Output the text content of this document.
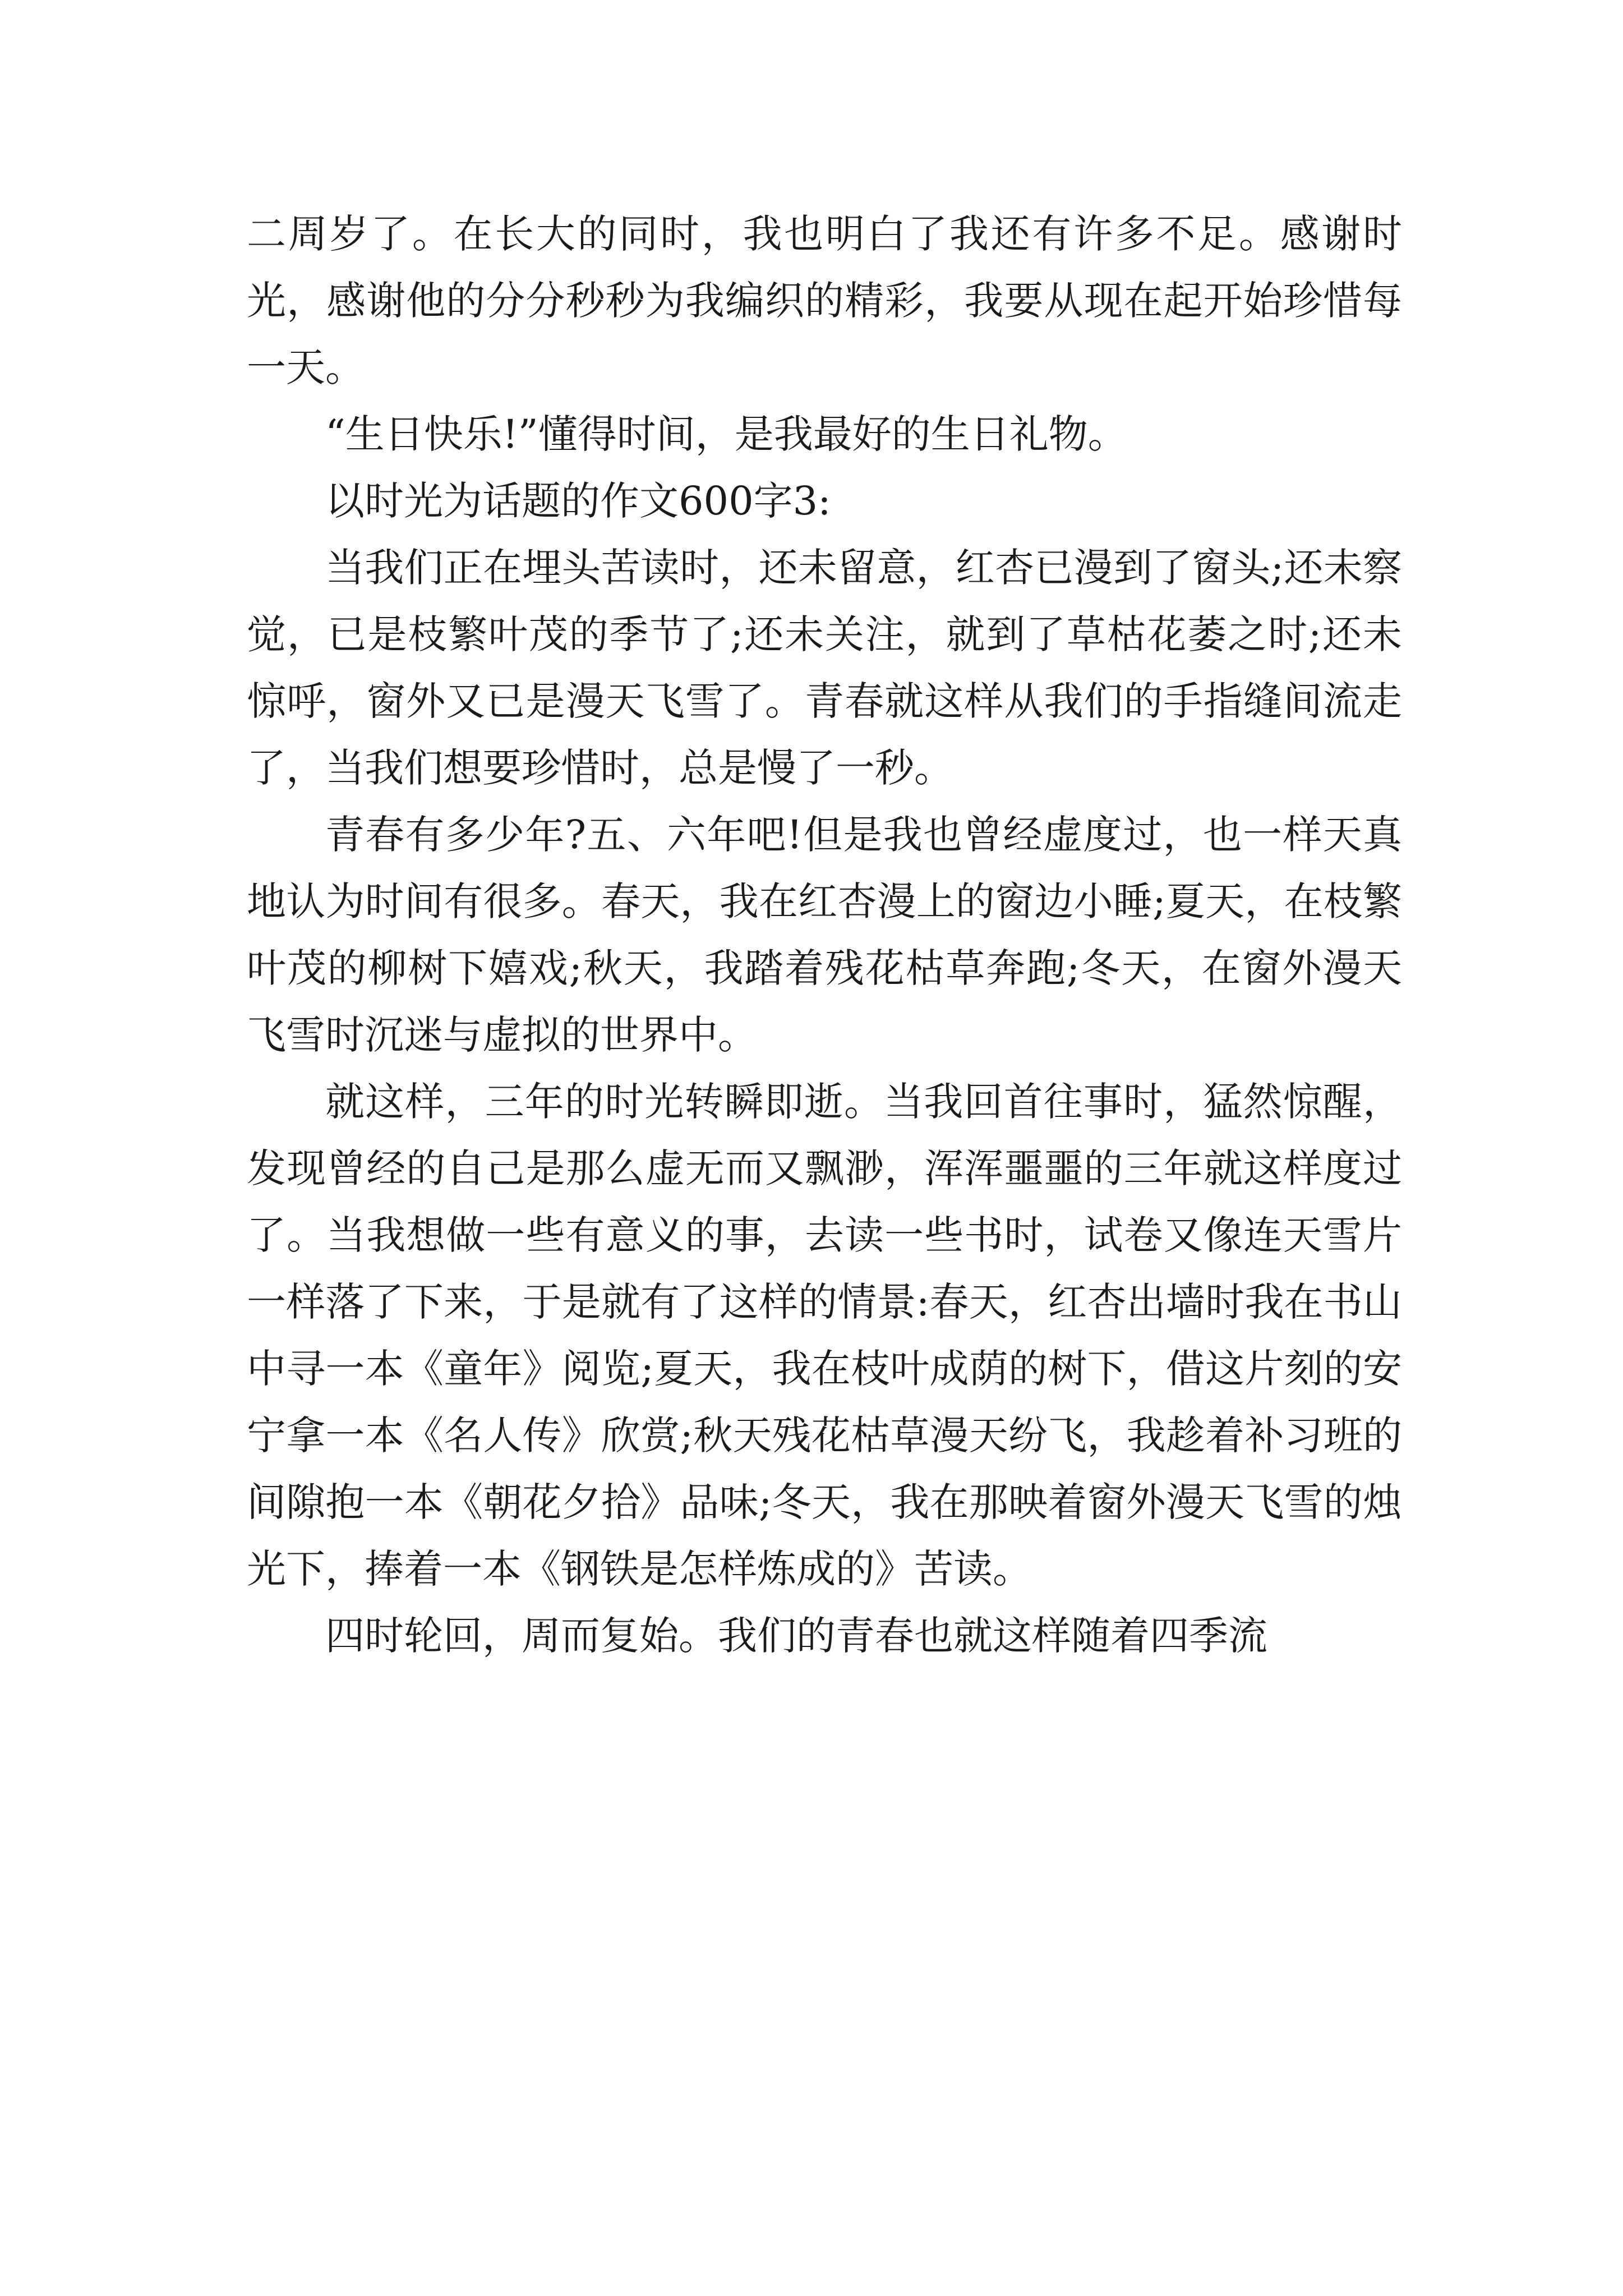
二周岁了。在长大的同时，我也明白了我还有许多不足。感谢时光，感谢他的分分秒秒为我编织的精彩，我要从现在起开始珍惜每一天。

“生日快乐!”懂得时间，是我最好的生日礼物。

以时光为话题的作文600字3:

当我们正在埋头苦读时，还未留意，红杏已漫到了窗头;还未察觉，已是枝繁叶茂的季节了;还未关注，就到了草枯花萎之时;还未惊呼，窗外又已是漫天飞雪了。青春就这样从我们的手指缝间流走了，当我们想要珍惜时，总是慢了一秒。

青春有多少年?五、六年吧!但是我也曾经虚度过，也一样天真地认为时间有很多。春天，我在红杏漫上的窗边小睡;夏天，在枝繁叶茂的柳树下嬉戏;秋天，我踏着残花枯草奔跑;冬天，在窗外漫天飞雪时沉迷与虚拟的世界中。

就这样，三年的时光转瞬即逝。当我回首往事时，猛然惊醒，发现曾经的自己是那么虚无而又飘渺，浑浑噩噩的三年就这样度过了。当我想做一些有意义的事，去读一些书时，试卷又像连天雪片一样落了下来，于是就有了这样的情景:春天，红杏出墙时我在书山中寻一本《童年》阅览;夏天，我在枝叶成荫的树下，借这片刻的安宁拿一本《名人传》欣赏;秋天残花枯草漫天纷飞，我趁着补习班的间隙抱一本《朝花夕拾》品味;冬天，我在那映着窗外漫天飞雪的烛光下，捧着一本《钢铁是怎样炼成的》苦读。

四时轮回，周而复始。我们的青春也就这样随着四季流
